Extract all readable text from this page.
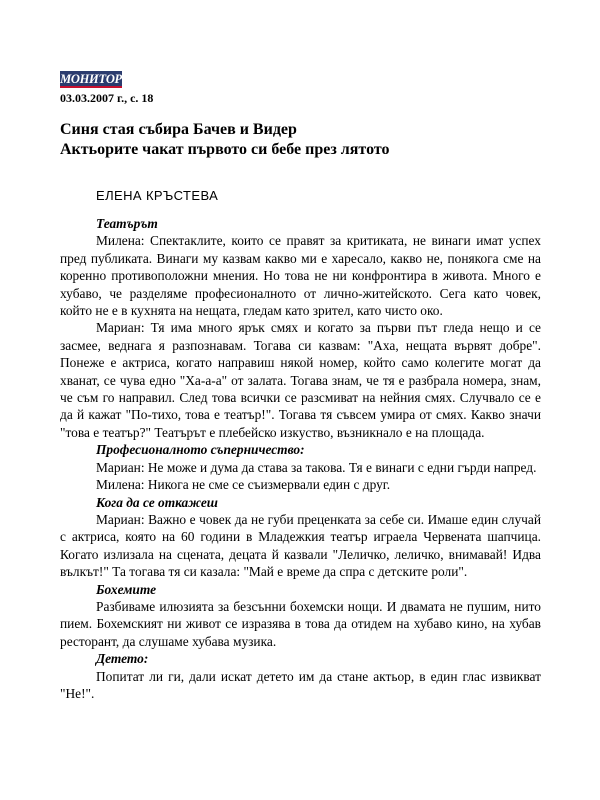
МОНИТОР
03.03.2007 г., с. 18
Синя стая събира Бачев и Видер
Актьорите чакат първото си бебе през лятото
ЕЛЕНА КРЪСТЕВА

Театърът

Милена: Спектаклите, които се правят за критиката, не винаги имат успех пред публиката. Винаги му казвам какво ми е харесало, какво не, понякога сме на коренно противоположни мнения. Но това не ни конфронтира в живота. Много е хубаво, че разделяме професионалното от лично-житейското. Сега като човек, който не е в кухнята на нещата, гледам като зрител, като чисто око.

Мариан: Тя има много ярък смях и когато за първи път гледа нещо и се засмее, веднага я разпознавам. Тогава си казвам: "Аха, нещата вървят добре". Понеже е актриса, когато направиш някой номер, който само колегите могат да хванат, се чува едно "Ха-а-а" от залата. Тогава знам, че тя е разбрала номера, знам, че съм го направил. След това всички се разсмиват на нейния смях. Случвало се е да й кажат "По-тихо, това е театър!". Тогава тя съвсем умира от смях. Какво значи "това е театър?" Театърът е плебейско изкуство, възникнало е на площада.

Професионалното съперничество:

Мариан: Не може и дума да става за такова. Тя е винаги с едни гърди напред.

Милена: Никога не сме се съизмервали един с друг.

Кога да се откажеш

Мариан: Важно е човек да не губи преценката за себе си. Имаше един случай с актриса, която на 60 години в Младежкия театър играела Червената шапчица. Когато излизала на сцената, децата й казвали "Леличко, леличко, внимавай! Идва вълкът!" Та тогава тя си казала: "Май е време да спра с детските роли".

Бохемите

Разбиваме илюзията за безсънни бохемски нощи. И двамата не пушим, нито пием. Бохемският ни живот се изразява в това да отидем на хубаво кино, на хубав ресторант, да слушаме хубава музика.

Детето:

Попитат ли ги, дали искат детето им да стане актьор, в един глас извикват "Не!".
